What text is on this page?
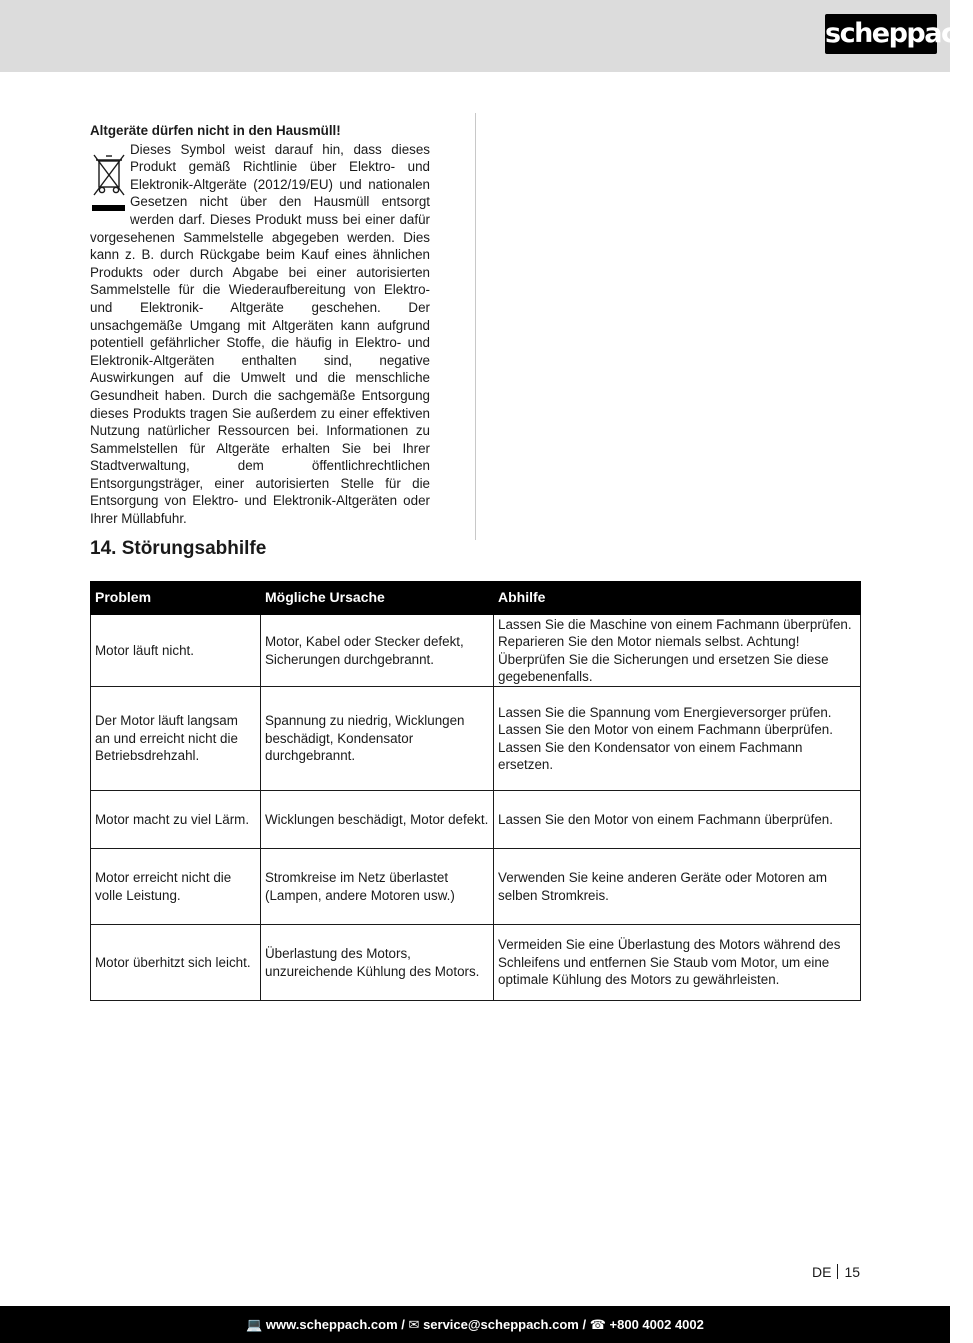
scheppach

Altgeräte dürfen nicht in den Hausmüll!

Dieses Symbol weist darauf hin, dass dieses Produkt gemäß Richtlinie über Elektro- und Elektronik-Altgeräte (2012/19/EU) und nationalen Gesetzen nicht über den Hausmüll entsorgt werden darf. Dieses Produkt muss bei einer dafür vorgesehenen Sammelstelle abgegeben werden. Dies kann z. B. durch Rückgabe beim Kauf eines ähnlichen Produkts oder durch Abgabe bei einer autorisierten Sammelstelle für die Wiederaufbereitung von Elektro- und Elektronik- Altgeräte geschehen. Der unsachgemäße Umgang mit Altgeräten kann aufgrund potentiell gefährlicher Stoffe, die häufig in Elektro- und Elektronik-Altgeräten enthalten sind, negative Auswirkungen auf die Umwelt und die menschliche Gesundheit haben. Durch die sachgemäße Entsorgung dieses Produkts tragen Sie außerdem zu einer effektiven Nutzung natürlicher Ressourcen bei. Informationen zu Sammelstellen für Altgeräte erhalten Sie bei Ihrer Stadtverwaltung, dem öffentlichrechtlichen Entsorgungsträger, einer autorisierten Stelle für die Entsorgung von Elektro- und Elektronik-Altgeräten oder Ihrer Müllabfuhr.

14. Störungsabhilfe
Problem	Mögliche Ursache	Abhilfe
Motor läuft nicht.	Motor, Kabel oder Stecker defekt, Sicherungen durchgebrannt.	Lassen Sie die Maschine von einem Fachmann überprüfen. Reparieren Sie den Motor niemals selbst. Achtung! Überprüfen Sie die Sicherungen und ersetzen Sie diese gegebenenfalls.
Der Motor läuft langsam an und erreicht nicht die Betriebsdrehzahl.	Spannung zu niedrig, Wicklungen beschädigt, Kondensator durchgebrannt.	Lassen Sie die Spannung vom Energieversorger prüfen. Lassen Sie den Motor von einem Fachmann überprüfen. Lassen Sie den Kondensator von einem Fachmann ersetzen.
Motor macht zu viel Lärm.	Wicklungen beschädigt, Motor defekt.	Lassen Sie den Motor von einem Fachmann überprüfen.
Motor erreicht nicht die volle Leistung.	Stromkreise im Netz überlastet (Lampen, andere Motoren usw.)	Verwenden Sie keine anderen Geräte oder Motoren am selben Stromkreis.
Motor überhitzt sich leicht.	Überlastung des Motors, unzureichende Kühlung des Motors.	Vermeiden Sie eine Überlastung des Motors während des Schleifens und entfernen Sie Staub vom Motor, um eine optimale Kühlung des Motors zu gewährleisten.
DE 15
💻 www.scheppach.com / ✉ service@scheppach.com / ☎ +800 4002 4002
